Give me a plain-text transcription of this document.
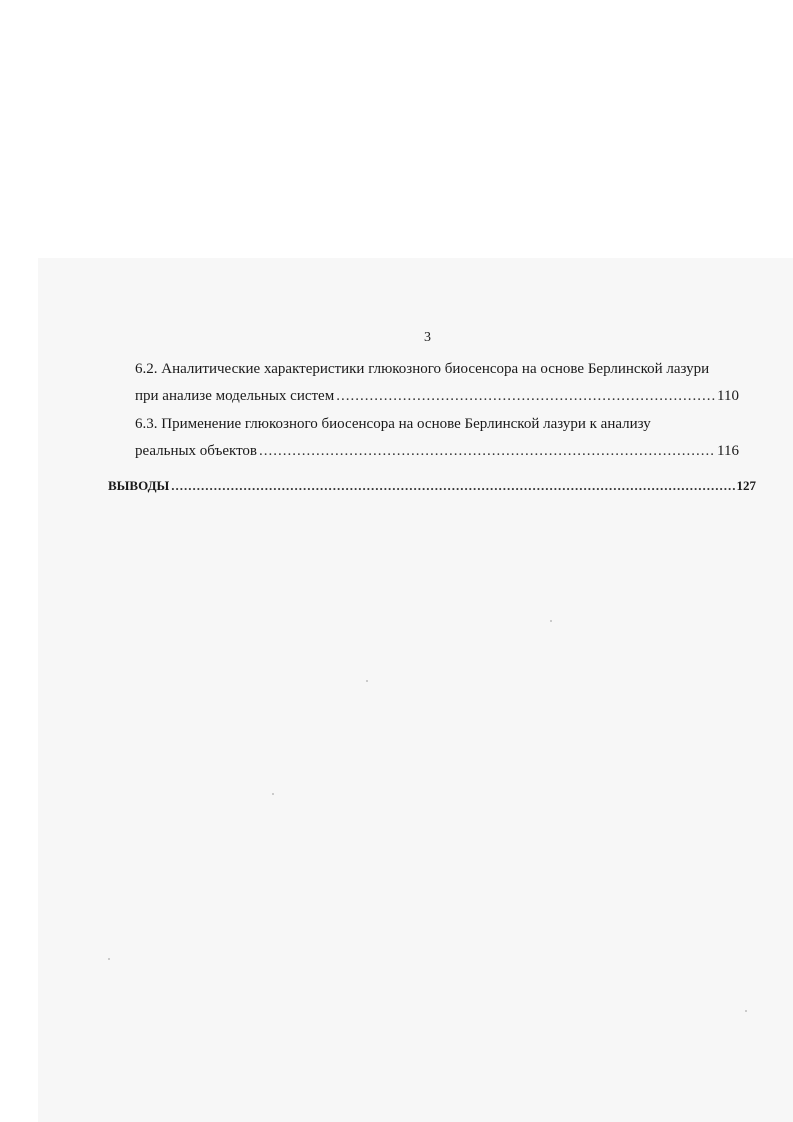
3
6.2. Аналитические характеристики глюкозного биосенсора на основе Берлинской лазури
при анализе модельных систем .....	110
6.3. Применение глюкозного биосенсора на основе Берлинской лазури к анализу
реальных объектов .....	116
ВЫВОДЫ .....	127
